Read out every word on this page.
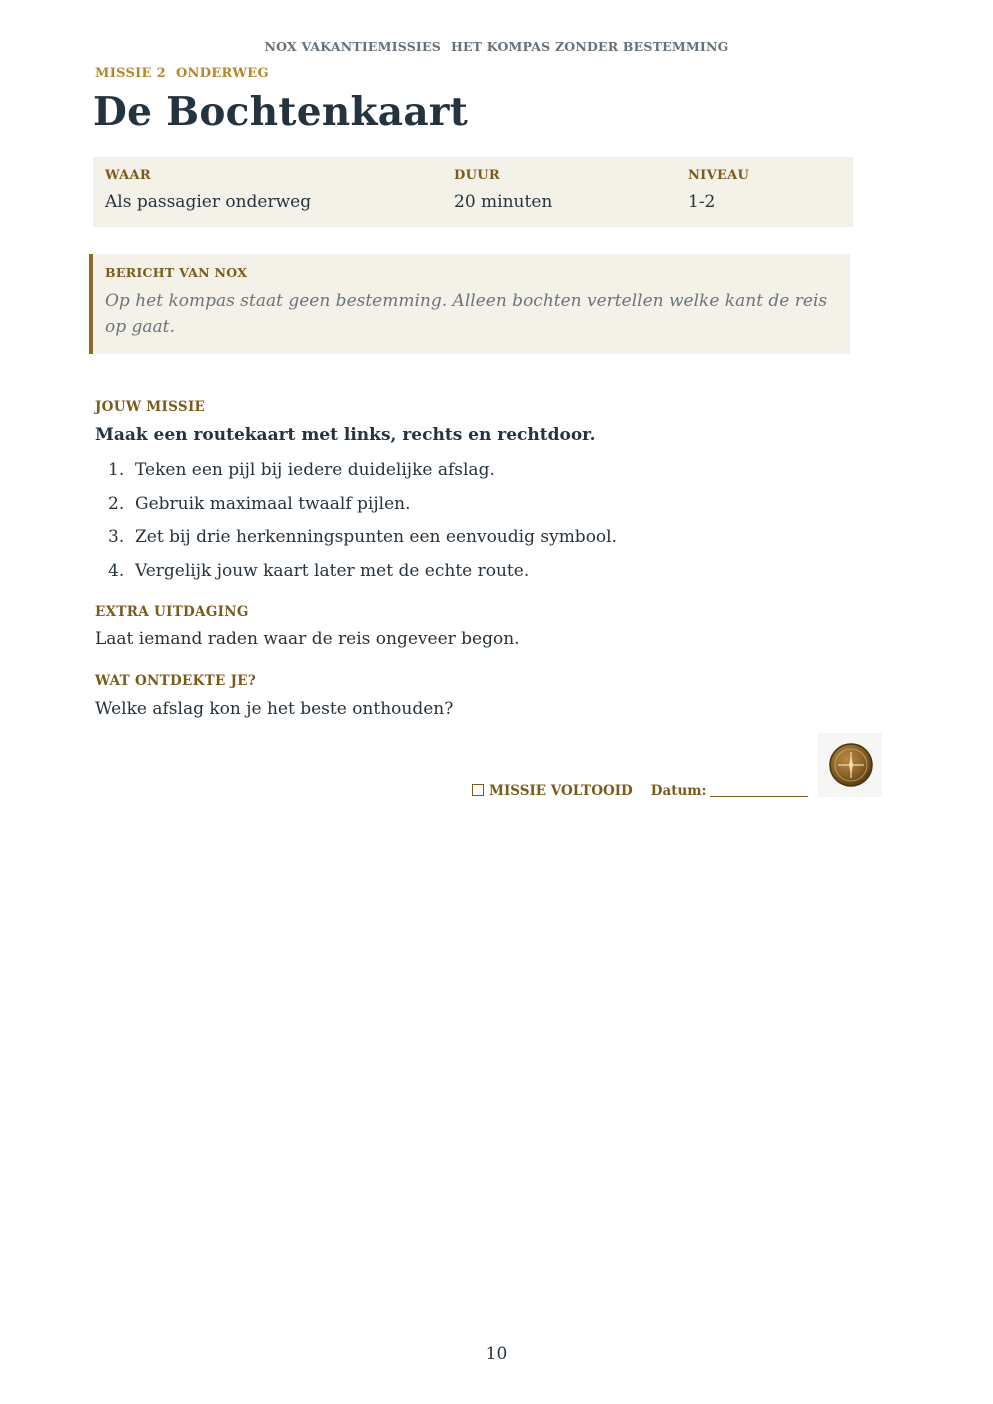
NOX VAKANTIEMISSIES HET KOMPAS ZONDER BESTEMMING
MISSIE 2 ONDERWEG
De Bochtenkaart
WAAR
Als passagier onderweg
DUUR
20 minuten
NIVEAU
1-2
BERICHT VAN NOX
Op het kompas staat geen bestemming. Alleen bochten vertellen welke kant de reis op gaat.
JOUW MISSIE
Maak een routekaart met links, rechts en rechtdoor.
1. Teken een pijl bij iedere duidelijke afslag.
2. Gebruik maximaal twaalf pijlen.
3. Zet bij drie herkenningspunten een eenvoudig symbool.
4. Vergelijk jouw kaart later met de echte route.
EXTRA UITDAGING
Laat iemand raden waar de reis ongeveer begon.
WAT ONTDEKTE JE?
Welke afslag kon je het beste onthouden?
MISSIE VOLTOOID Datum:
10
